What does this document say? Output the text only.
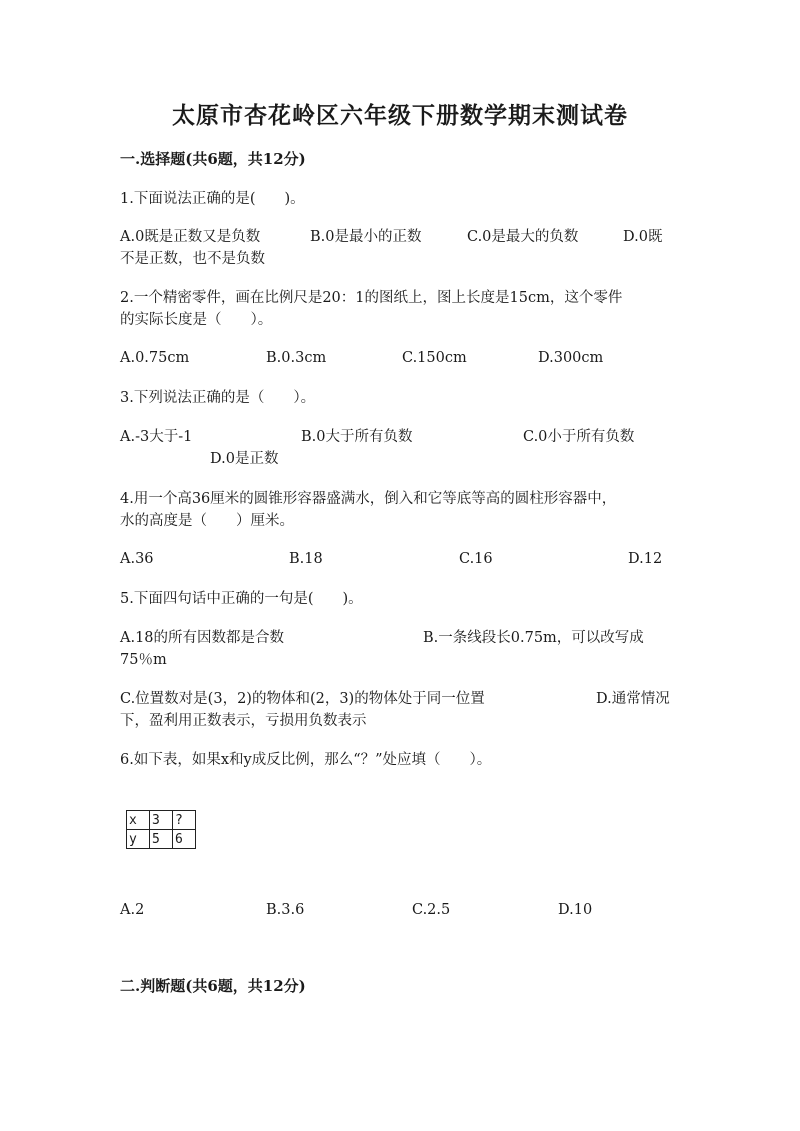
太原市杏花岭区六年级下册数学期末测试卷
一.选择题(共6题，共12分)
1.下面说法正确的是(　　)。
A.0既是正数又是负数	B.0是最小的正数	C.0是最大的负数	D.0既
不是正数，也不是负数
2.一个精密零件，画在比例尺是20：1的图纸上，图上长度是15cm，这个零件
的实际长度是（　　）。
A.0.75cm	B.0.3cm	C.150cm	D.300cm
3.下列说法正确的是（　　）。
A.-3大于-1	B.0大于所有负数	C.0小于所有负数
D.0是正数
4.用一个高36厘米的圆锥形容器盛满水，倒入和它等底等高的圆柱形容器中，
水的高度是（　　）厘米。
A.36	B.18	C.16	D.12
5.下面四句话中正确的一句是(　　)。
A.18的所有因数都是合数	B.一条线段长0.75m，可以改写成
75％m
C.位置数对是(3，2)的物体和(2，3)的物体处于同一位置	D.通常情况
下，盈利用正数表示，亏损用负数表示
6.如下表，如果x和y成反比例，那么“？”处应填（　　）。
x	3	?
y	5	6
A.2	B.3.6	C.2.5	D.10
二.判断题(共6题，共12分)
